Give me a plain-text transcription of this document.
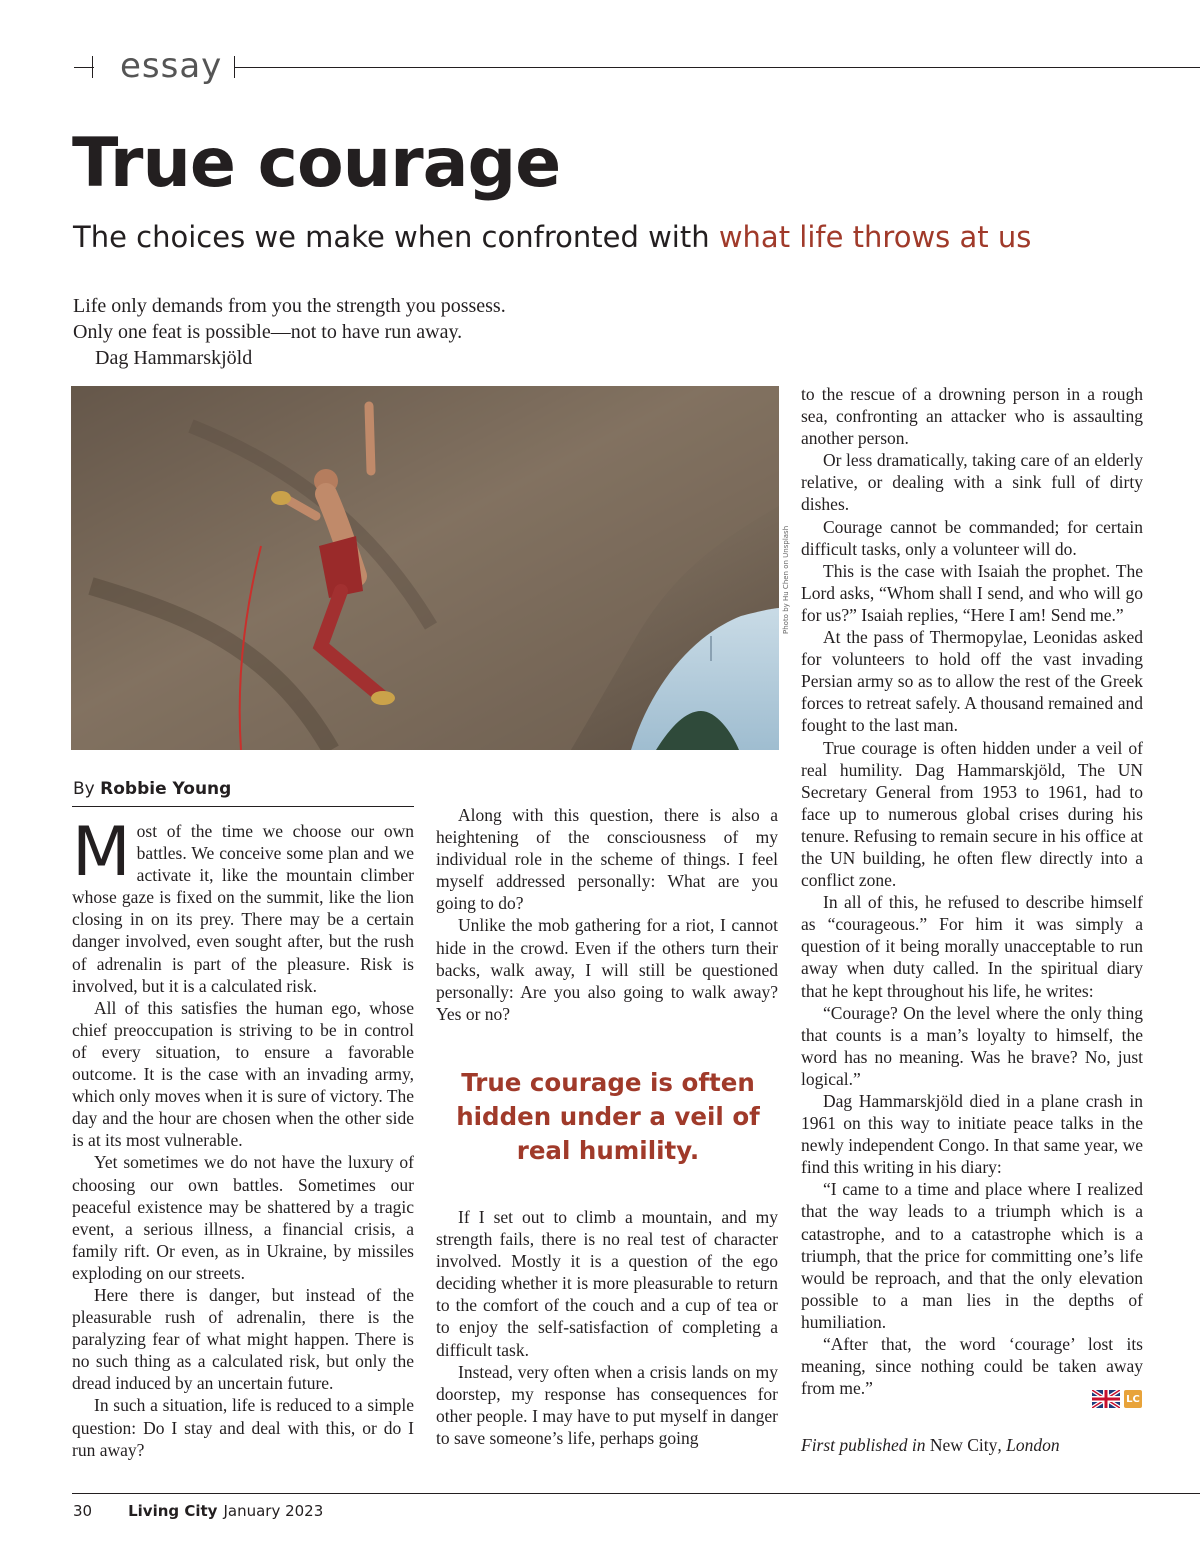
essay
True courage
The choices we make when confronted with what life throws at us
Life only demands from you the strength you possess.
Only one feat is possible—not to have run away.
Dag Hammarskjöld
Photo by Hu Chen on Unsplash
By Robbie Young

Most of the time we choose our own battles. We conceive some plan and we activate it, like the mountain climber whose gaze is fixed on the summit, like the lion closing in on its prey. There may be a certain danger involved, even sought after, but the rush of adrenalin is part of the pleasure. Risk is involved, but it is a calculated risk.

All of this satisfies the human ego, whose chief preoccupation is striving to be in control of every situation, to ensure a favorable outcome. It is the case with an invading army, which only moves when it is sure of victory. The day and the hour are chosen when the other side is at its most vulnerable.

Yet sometimes we do not have the luxury of choosing our own battles. Sometimes our peaceful existence may be shattered by a tragic event, a serious illness, a financial crisis, a family rift. Or even, as in Ukraine, by missiles exploding on our streets.

Here there is danger, but instead of the pleasurable rush of adrenalin, there is the paralyzing fear of what might happen. There is no such thing as a calculated risk, but only the dread induced by an uncertain future.

In such a situation, life is reduced to a simple question: Do I stay and deal with this, or do I run away?

Along with this question, there is also a heightening of the consciousness of my individual role in the scheme of things. I feel myself addressed personally: What are you going to do?

Unlike the mob gathering for a riot, I cannot hide in the crowd. Even if the others turn their backs, walk away, I will still be questioned personally: Are you also going to walk away? Yes or no?

True courage is often hidden under a veil of real humility.

If I set out to climb a mountain, and my strength fails, there is no real test of character involved. Mostly it is a question of the ego deciding whether it is more pleasurable to return to the comfort of the couch and a cup of tea or to enjoy the self-satisfaction of completing a difficult task.

Instead, very often when a crisis lands on my doorstep, my response has consequences for other people. I may have to put myself in danger to save someone’s life, perhaps going

to the rescue of a drowning person in a rough sea, confronting an attacker who is assaulting another person.

Or less dramatically, taking care of an elderly relative, or dealing with a sink full of dirty dishes.

Courage cannot be commanded; for certain difficult tasks, only a volunteer will do.

This is the case with Isaiah the prophet. The Lord asks, “Whom shall I send, and who will go for us?” Isaiah replies, “Here I am! Send me.”

At the pass of Thermopylae, Leonidas asked for volunteers to hold off the vast invading Persian army so as to allow the rest of the Greek forces to retreat safely. A thousand remained and fought to the last man.

True courage is often hidden under a veil of real humility. Dag Hammarskjöld, The UN Secretary General from 1953 to 1961, had to face up to numerous global crises during his tenure. Refusing to remain secure in his office at the UN building, he often flew directly into a conflict zone.

In all of this, he refused to describe himself as “courageous.” For him it was simply a question of it being morally unacceptable to run away when duty called. In the spiritual diary that he kept throughout his life, he writes:

“Courage? On the level where the only thing that counts is a man’s loyalty to himself, the word has no meaning. Was he brave? No, just logical.”

Dag Hammarskjöld died in a plane crash in 1961 on this way to initiate peace talks in the newly independent Congo. In that same year, we find this writing in his diary:

“I came to a time and place where I realized that the way leads to a triumph which is a catastrophe, and to a catastrophe which is a triumph, that the price for committing one’s life would be reproach, and that the only elevation possible to a man lies in the depths of humiliation.

“After that, the word ‘courage’ lost its meaning, since nothing could be taken away from me.”

LC
First published in New City, London
30 Living City January 2023
